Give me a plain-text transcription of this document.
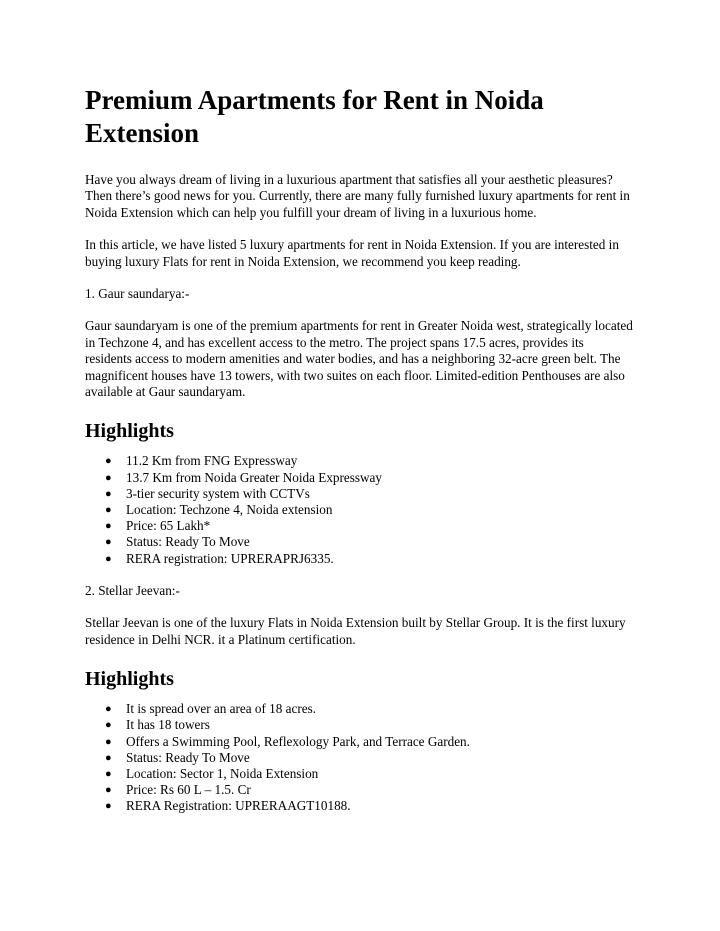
Premium Apartments for Rent in Noida Extension

Have you always dream of living in a luxurious apartment that satisfies all your aesthetic pleasures? Then there’s good news for you. Currently, there are many fully furnished luxury apartments for rent in Noida Extension which can help you fulfill your dream of living in a luxurious home.

In this article, we have listed 5 luxury apartments for rent in Noida Extension. If you are interested in buying luxury Flats for rent in Noida Extension, we recommend you keep reading.

1. Gaur saundarya:-

Gaur saundaryam is one of the premium apartments for rent in Greater Noida west, strategically located in Techzone 4, and has excellent access to the metro. The project spans 17.5 acres, provides its residents access to modern amenities and water bodies, and has a neighboring 32-acre green belt. The magnificent houses have 13 towers, with two suites on each floor. Limited-edition Penthouses are also available at Gaur saundaryam.

Highlights
● 11.2 Km from FNG Expressway
● 13.7 Km from Noida Greater Noida Expressway
● 3-tier security system with CCTVs
● Location: Techzone 4, Noida extension
● Price: 65 Lakh*
● Status: Ready To Move
● RERA registration: UPRERAPRJ6335.

2. Stellar Jeevan:-

Stellar Jeevan is one of the luxury Flats in Noida Extension built by Stellar Group. It is the first luxury residence in Delhi NCR. it a Platinum certification.

Highlights
● It is spread over an area of 18 acres.
● It has 18 towers
● Offers a Swimming Pool, Reflexology Park, and Terrace Garden.
● Status: Ready To Move
● Location: Sector 1, Noida Extension
● Price: Rs 60 L – 1.5. Cr
● RERA Registration: UPRERAAGT10188.
